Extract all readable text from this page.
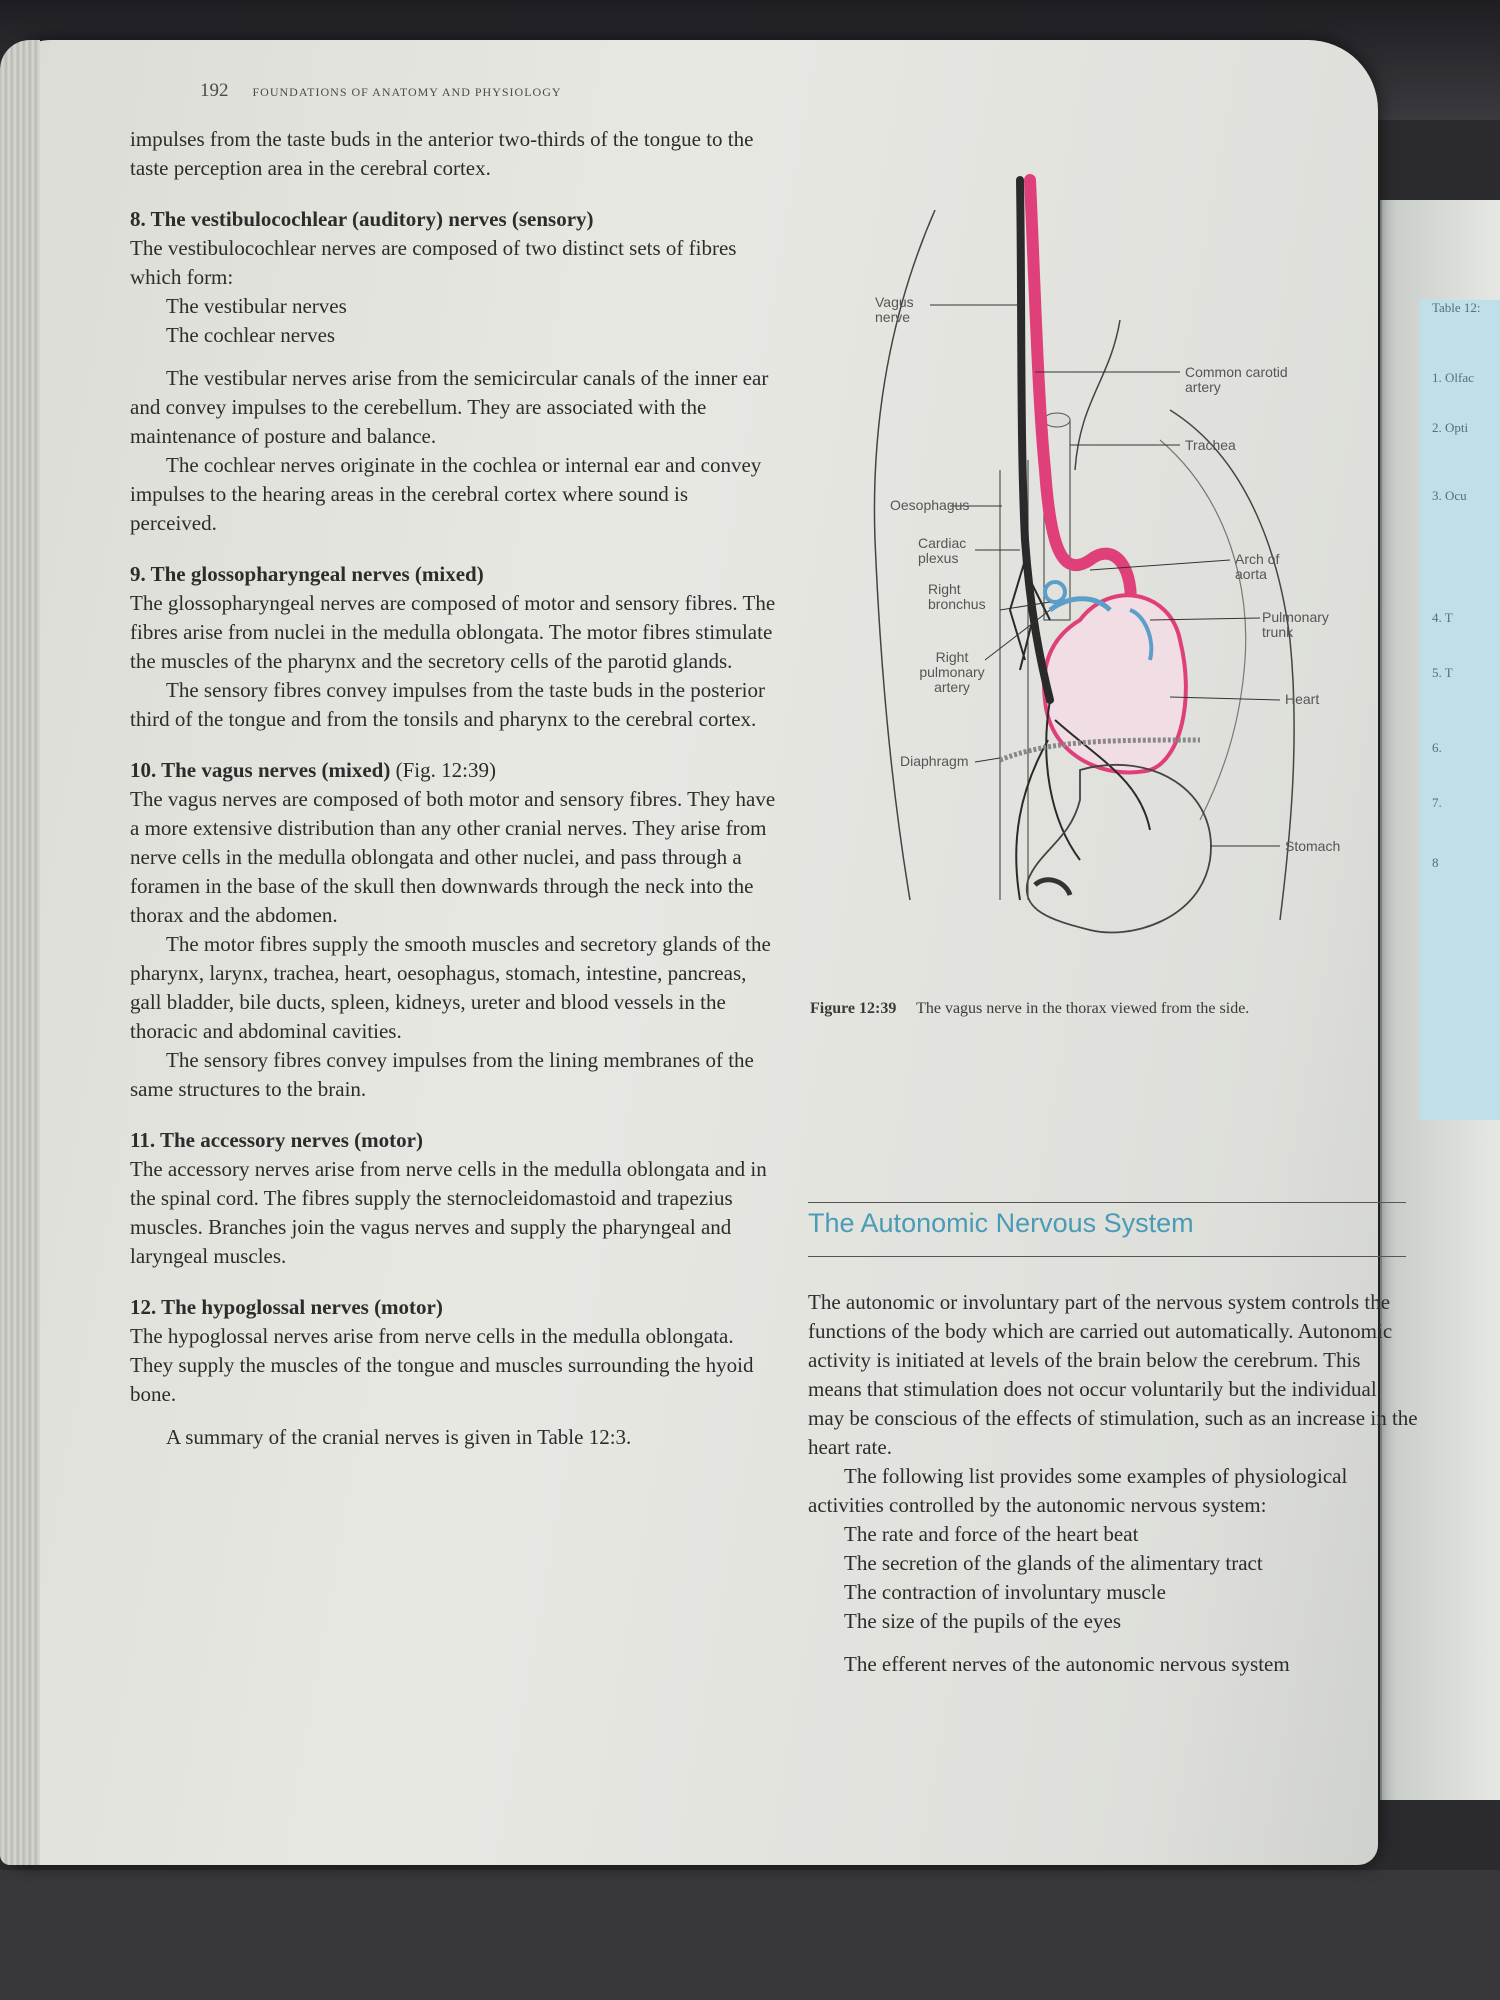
Table 12:
1. Olfac
2. Opti
3. Ocu
4. T
5. T
6.
7.
8
192 FOUNDATIONS OF ANATOMY AND PHYSIOLOGY

impulses from the taste buds in the anterior two-thirds of the tongue to the taste perception area in the cerebral cortex.

8. The vestibulocochlear (auditory) nerves (sensory)

The vestibulocochlear nerves are composed of two distinct sets of fibres which form:

The vestibular nerves

The cochlear nerves

The vestibular nerves arise from the semicircular canals of the inner ear and convey impulses to the cerebellum. They are associated with the maintenance of posture and balance.

The cochlear nerves originate in the cochlea or internal ear and convey impulses to the hearing areas in the cerebral cortex where sound is perceived.

9. The glossopharyngeal nerves (mixed)

The glossopharyngeal nerves are composed of motor and sensory fibres. The fibres arise from nuclei in the medulla oblongata. The motor fibres stimulate the muscles of the pharynx and the secretory cells of the parotid glands.

The sensory fibres convey impulses from the taste buds in the posterior third of the tongue and from the tonsils and pharynx to the cerebral cortex.

10. The vagus nerves (mixed) (Fig. 12:39)

The vagus nerves are composed of both motor and sensory fibres. They have a more extensive distribution than any other cranial nerves. They arise from nerve cells in the medulla oblongata and other nuclei, and pass through a foramen in the base of the skull then downwards through the neck into the thorax and the abdomen.

The motor fibres supply the smooth muscles and secretory glands of the pharynx, larynx, trachea, heart, oesophagus, stomach, intestine, pancreas, gall bladder, bile ducts, spleen, kidneys, ureter and blood vessels in the thoracic and abdominal cavities.

The sensory fibres convey impulses from the lining membranes of the same structures to the brain.

11. The accessory nerves (motor)

The accessory nerves arise from nerve cells in the medulla oblongata and in the spinal cord. The fibres supply the sternocleidomastoid and trapezius muscles. Branches join the vagus nerves and supply the pharyngeal and laryngeal muscles.

12. The hypoglossal nerves (motor)

The hypoglossal nerves arise from nerve cells in the medulla oblongata. They supply the muscles of the tongue and muscles surrounding the hyoid bone.

A summary of the cranial nerves is given in Table 12:3.

Vagus nerve
Common carotid artery
Trachea
Oesophagus
Cardiac plexus	Arch of aorta
Right bronchus
Pulmonary trunk
Right pulmonary artery
Heart
Diaphragm
Stomach
Figure 12:39 The vagus nerve in the thorax viewed from the side.
The Autonomic Nervous System

The autonomic or involuntary part of the nervous system controls the functions of the body which are carried out automatically. Autonomic activity is initiated at levels of the brain below the cerebrum. This means that stimulation does not occur voluntarily but the individual may be conscious of the effects of stimulation, such as an increase in the heart rate.

The following list provides some examples of physiological activities controlled by the autonomic nervous system:

The rate and force of the heart beat

The secretion of the glands of the alimentary tract

The contraction of involuntary muscle

The size of the pupils of the eyes

The efferent nerves of the autonomic nervous system
